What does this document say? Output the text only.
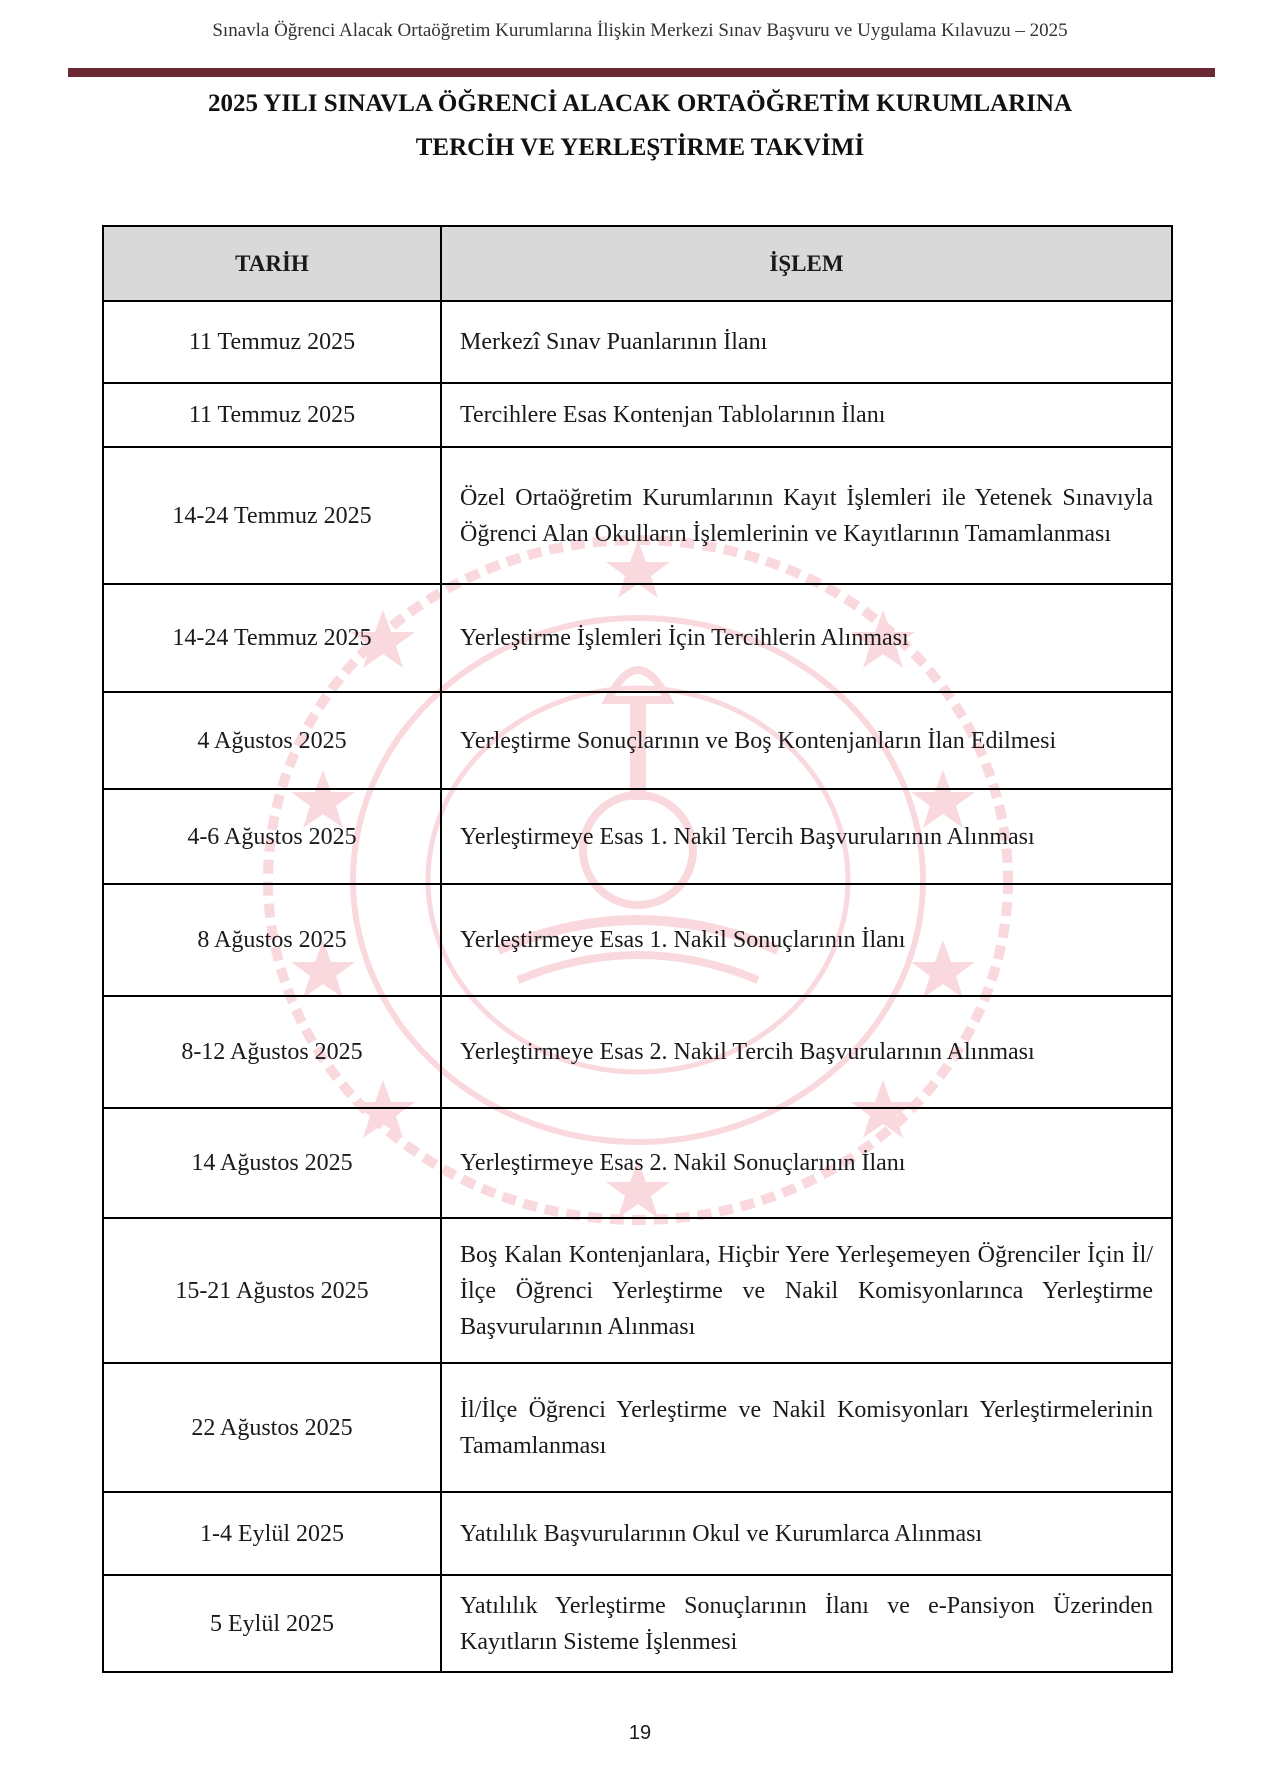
Sınavla Öğrenci Alacak Ortaöğretim Kurumlarına İlişkin Merkezi Sınav Başvuru ve Uygulama Kılavuzu – 2025
2025 YILI SINAVLA ÖĞRENCİ ALACAK ORTAÖĞRETİM KURUMLARINA
TERCİH VE YERLEŞTİRME TAKVİMİ
TARİH	İŞLEM
11 Temmuz 2025	Merkezî Sınav Puanlarının İlanı
11 Temmuz 2025	Tercihlere Esas Kontenjan Tablolarının İlanı
14-24 Temmuz 2025	Özel Ortaöğretim Kurumlarının Kayıt İşlemleri ile Yetenek Sınavıyla Öğrenci Alan Okulların İşlemlerinin ve Kayıtlarının Tamamlanması
14-24 Temmuz 2025	Yerleştirme İşlemleri İçin Tercihlerin Alınması
4 Ağustos 2025	Yerleştirme Sonuçlarının ve Boş Kontenjanların İlan Edilmesi
4-6 Ağustos 2025	Yerleştirmeye Esas 1. Nakil Tercih Başvurularının Alınması
8 Ağustos 2025	Yerleştirmeye Esas 1. Nakil Sonuçlarının İlanı
8-12 Ağustos 2025	Yerleştirmeye Esas 2. Nakil Tercih Başvurularının Alınması
14 Ağustos 2025	Yerleştirmeye Esas 2. Nakil Sonuçlarının İlanı
15-21 Ağustos 2025	Boş Kalan Kontenjanlara, Hiçbir Yere Yerleşemeyen Öğrenciler İçin İl/İlçe Öğrenci Yerleştirme ve Nakil Komisyonlarınca Yerleştirme Başvurularının Alınması
22 Ağustos 2025	İl/İlçe Öğrenci Yerleştirme ve Nakil Komisyonları Yerleştirmelerinin Tamamlanması
1-4 Eylül 2025	Yatılılık Başvurularının Okul ve Kurumlarca Alınması
5 Eylül 2025	Yatılılık Yerleştirme Sonuçlarının İlanı ve e-Pansiyon Üzerinden Kayıtların Sisteme İşlenmesi
19
